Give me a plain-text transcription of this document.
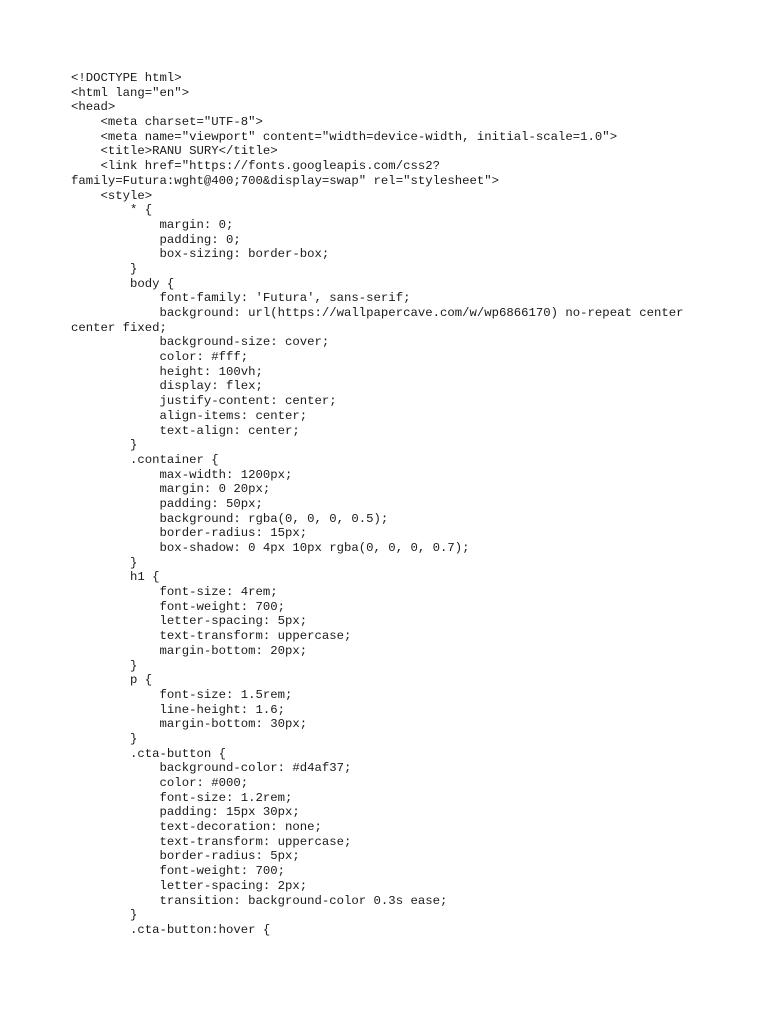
<!DOCTYPE html>
<html lang="en">
<head>
<meta charset="UTF-8">
<meta name="viewport" content="width=device-width, initial-scale=1.0">
<title>RANU SURY</title>
<link href="https://fonts.googleapis.com/css2?
family=Futura:wght@400;700&display=swap" rel="stylesheet">
<style>
* {
margin: 0;
padding: 0;
box-sizing: border-box;
}
body {
font-family: 'Futura', sans-serif;
background: url(https://wallpapercave.com/w/wp6866170) no-repeat center
center fixed;
background-size: cover;
color: #fff;
height: 100vh;
display: flex;
justify-content: center;
align-items: center;
text-align: center;
}
.container {
max-width: 1200px;
margin: 0 20px;
padding: 50px;
background: rgba(0, 0, 0, 0.5);
border-radius: 15px;
box-shadow: 0 4px 10px rgba(0, 0, 0, 0.7);
}
h1 {
font-size: 4rem;
font-weight: 700;
letter-spacing: 5px;
text-transform: uppercase;
margin-bottom: 20px;
}
p {
font-size: 1.5rem;
line-height: 1.6;
margin-bottom: 30px;
}
.cta-button {
background-color: #d4af37;
color: #000;
font-size: 1.2rem;
padding: 15px 30px;
text-decoration: none;
text-transform: uppercase;
border-radius: 5px;
font-weight: 700;
letter-spacing: 2px;
transition: background-color 0.3s ease;
}
.cta-button:hover {
